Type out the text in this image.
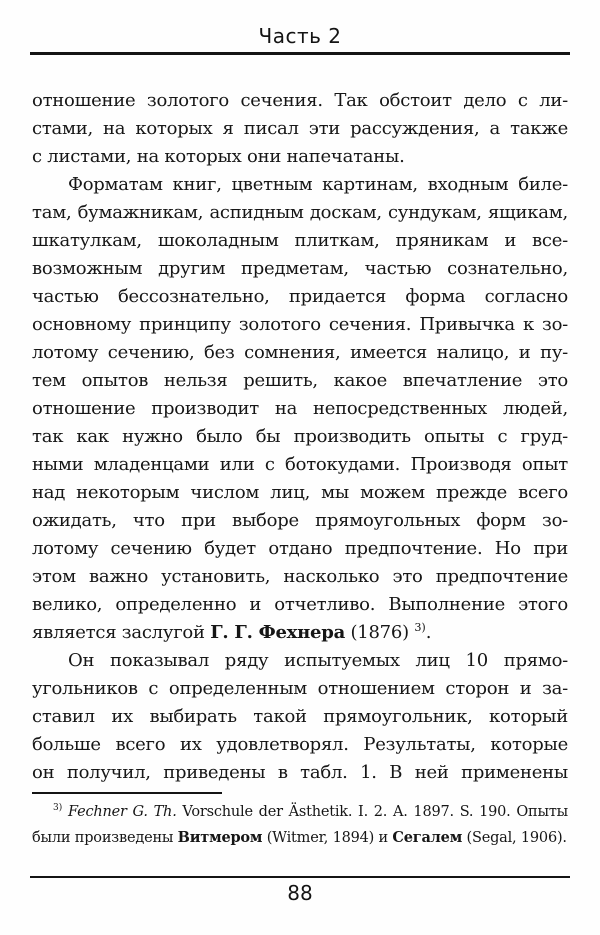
Часть 2
отношение золотого сечения. Так обстоит дело с ли-
стами, на которых я писал эти рассуждения, а также
с листами, на которых они напечатаны.
Форматам книг, цветным картинам, входным биле-
там, бумажникам, аспидным доскам, сундукам, ящикам,
шкатулкам, шоколадным плиткам, пряникам и все-
возможным другим предметам, частью сознательно,
частью бессознательно, придается форма согласно
основному принципу золотого сечения. Привычка к зо-
лотому сечению, без сомнения, имеется налицо, и пу-
тем опытов нельзя решить, какое впечатление это
отношение производит на непосредственных людей,
так как нужно было бы производить опыты с груд-
ными младенцами или с ботокудами. Производя опыт
над некоторым числом лиц, мы можем прежде всего
ожидать, что при выборе прямоугольных форм зо-
лотому сечению будет отдано предпочтение. Но при
этом важно установить, насколько это предпочтение
велико, определенно и отчетливо. Выполнение этого
является заслугой Г. Г. Фехнера (1876) $^{3)}$.
Он показывал ряду испытуемых лиц 10 прямо-
угольников с определенным отношением сторон и за-
ставил их выбирать такой прямоугольник, который
больше всего их удовлетворял. Результаты, которые
он получил, приведены в табл. 1. В ней применены
$^{3)}$ Fechner G. Th. Vorschule der Ästhetik. I. 2. A. 1897. S. 190. Опыты
были произведены Витмером (Witmer, 1894) и Сегалем (Segal, 1906).
88
